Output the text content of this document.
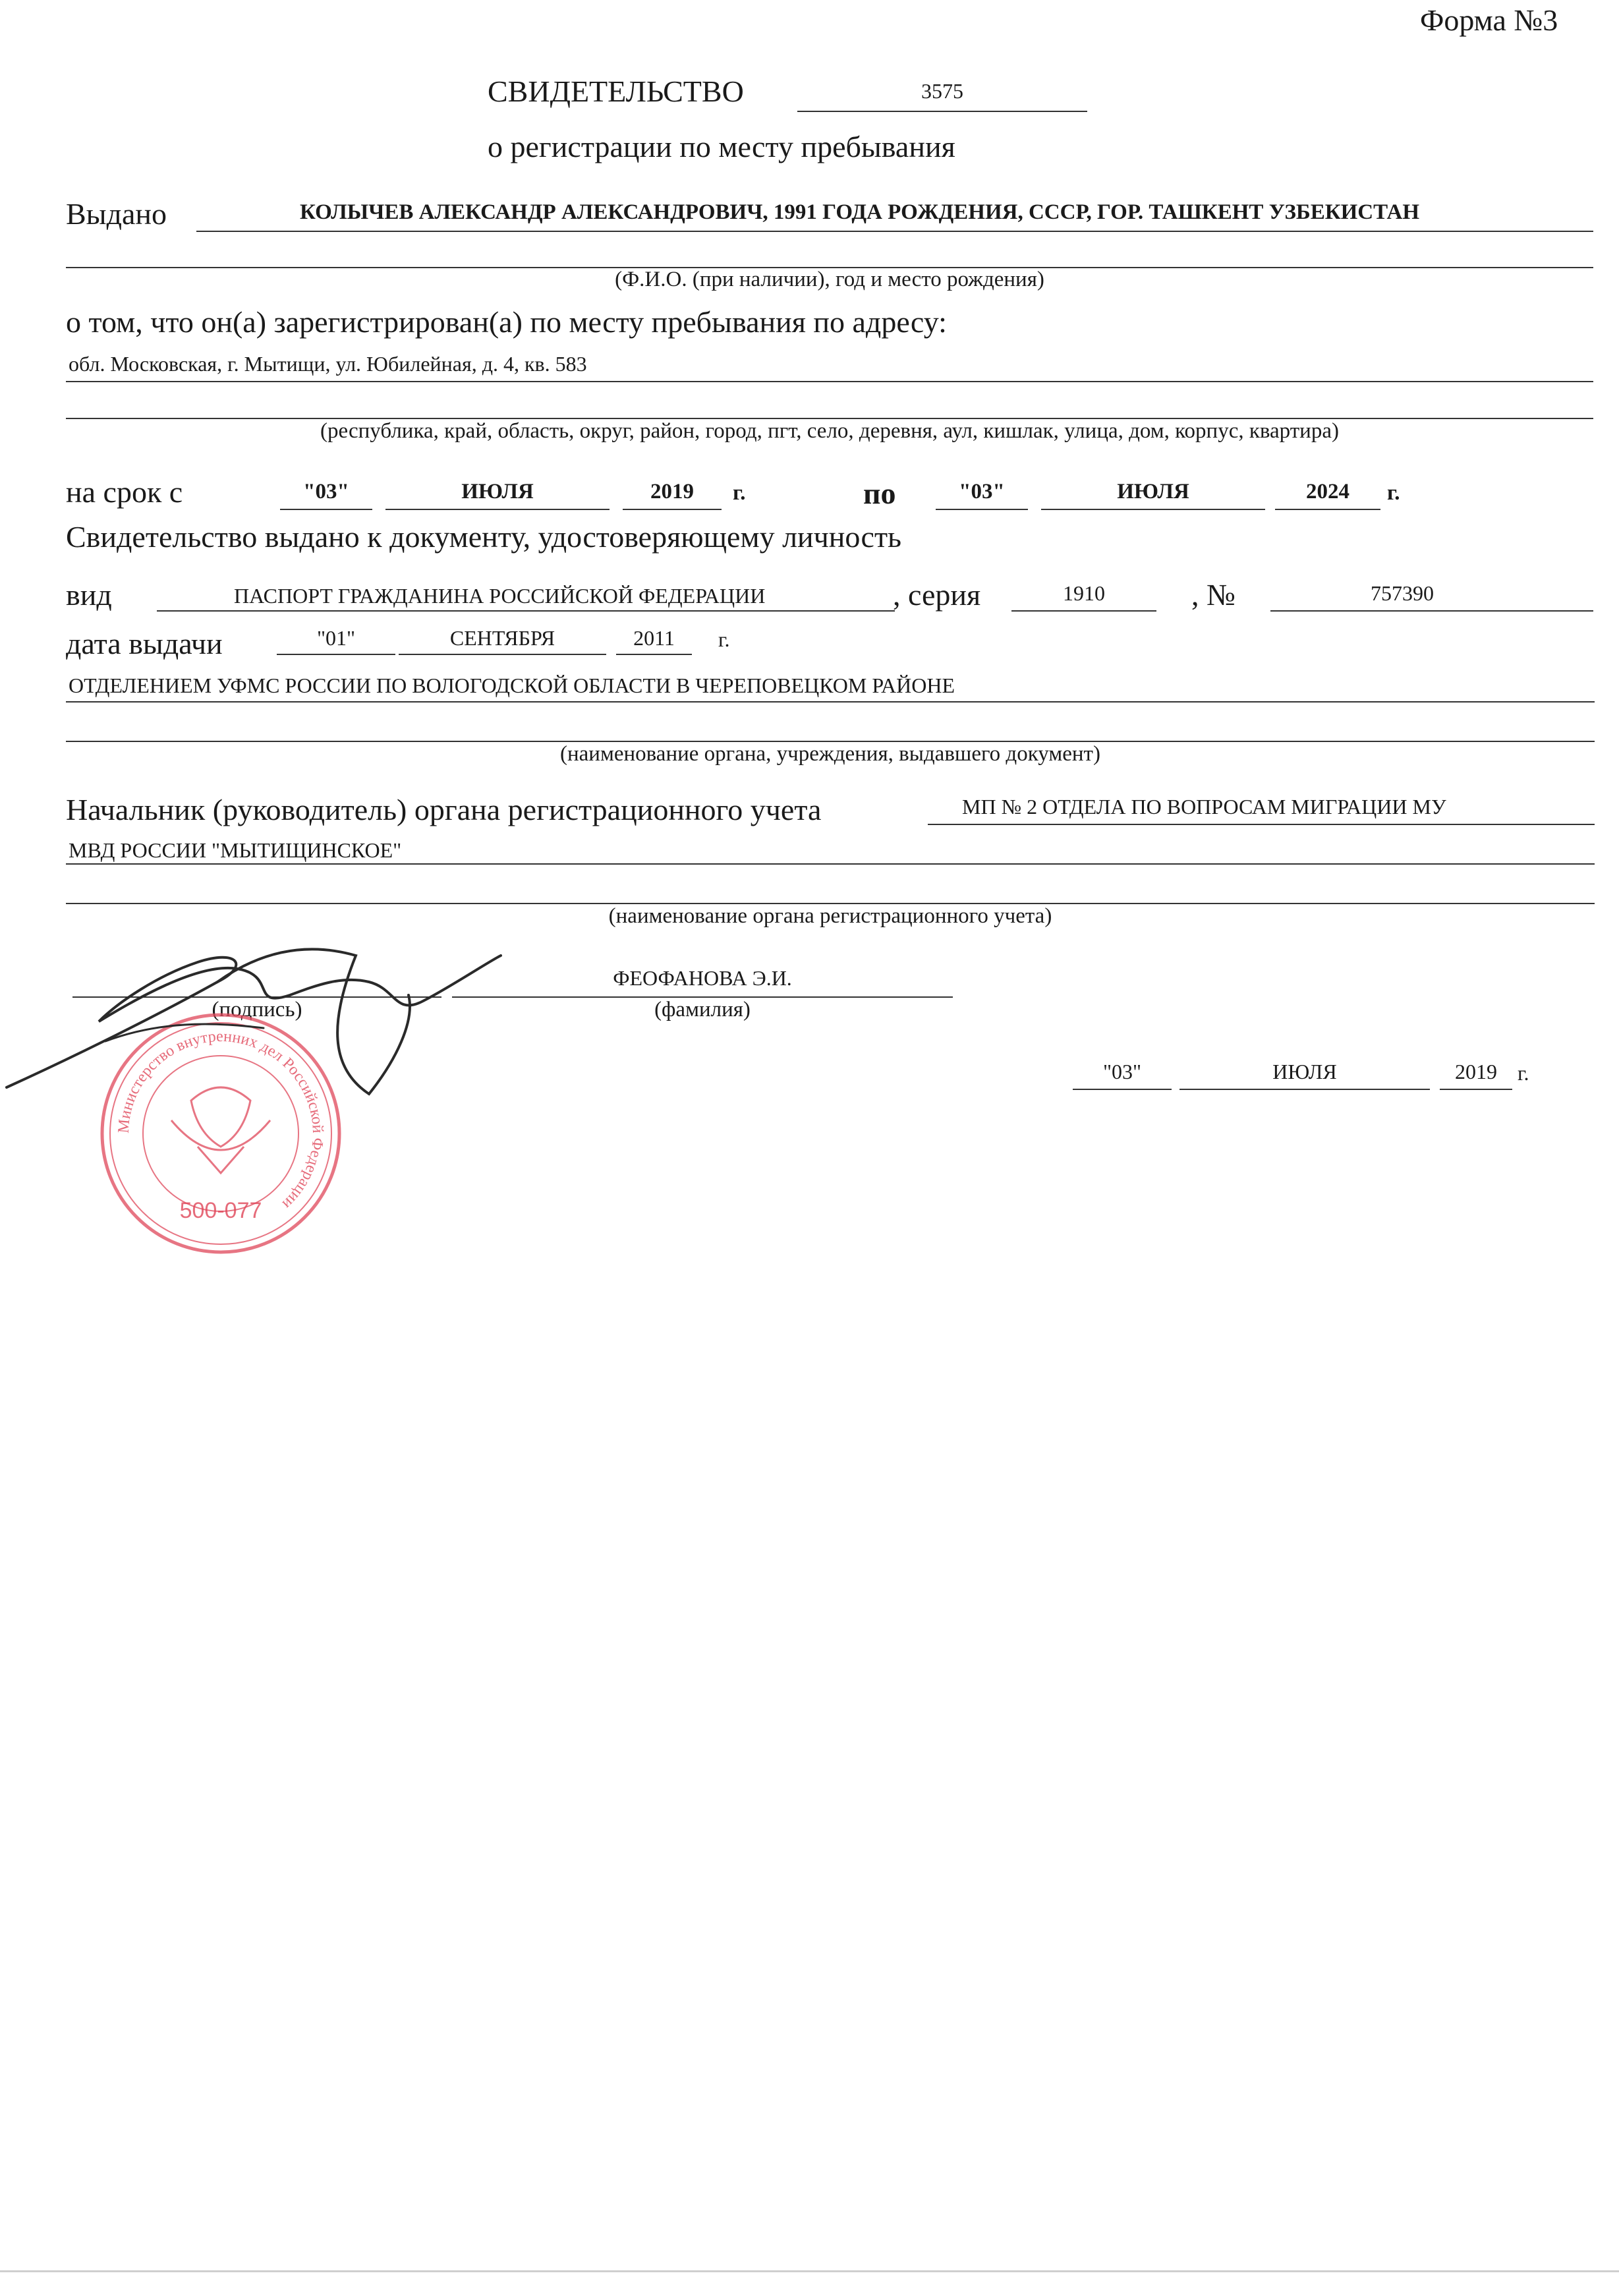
Форма №3
СВИДЕТЕЛЬСТВО	3575
о регистрации по месту пребывания
Выдано	КОЛЫЧЕВ АЛЕКСАНДР АЛЕКСАНДРОВИЧ, 1991 ГОДА РОЖДЕНИЯ, СССР, ГОР. ТАШКЕНТ УЗБЕКИСТАН
(Ф.И.О. (при наличии), год и место рождения)
о том, что он(а) зарегистрирован(а) по месту пребывания по адресу:
обл. Московская, г. Мытищи, ул. Юбилейная, д. 4, кв. 583
(республика, край, область, округ, район, город, пгт, село, деревня, аул, кишлак, улица, дом, корпус, квартира)
на срок с	"03"	ИЮЛЯ	2019	г.	по	"03"	ИЮЛЯ	2024	г.
Свидетельство выдано к документу, удостоверяющему личность
вид	ПАСПОРТ ГРАЖДАНИНА РОССИЙСКОЙ ФЕДЕРАЦИИ	, серия	1910	, №	757390
дата выдачи	"01"	СЕНТЯБРЯ	2011	г.
ОТДЕЛЕНИЕМ УФМС РОССИИ ПО ВОЛОГОДСКОЙ ОБЛАСТИ В ЧЕРЕПОВЕЦКОМ РАЙОНЕ
(наименование органа, учреждения, выдавшего документ)
Начальник (руководитель) органа регистрационного учета	МП № 2 ОТДЕЛА ПО ВОПРОСАМ МИГРАЦИИ МУ
МВД РОССИИ "МЫТИЩИНСКОЕ"
(наименование органа регистрационного учета)
(подпись)
ФЕОФАНОВА Э.И.
(фамилия)
"03"	ИЮЛЯ	2019 г.
Министерство внутренних дел Российской Федерации
500-077
